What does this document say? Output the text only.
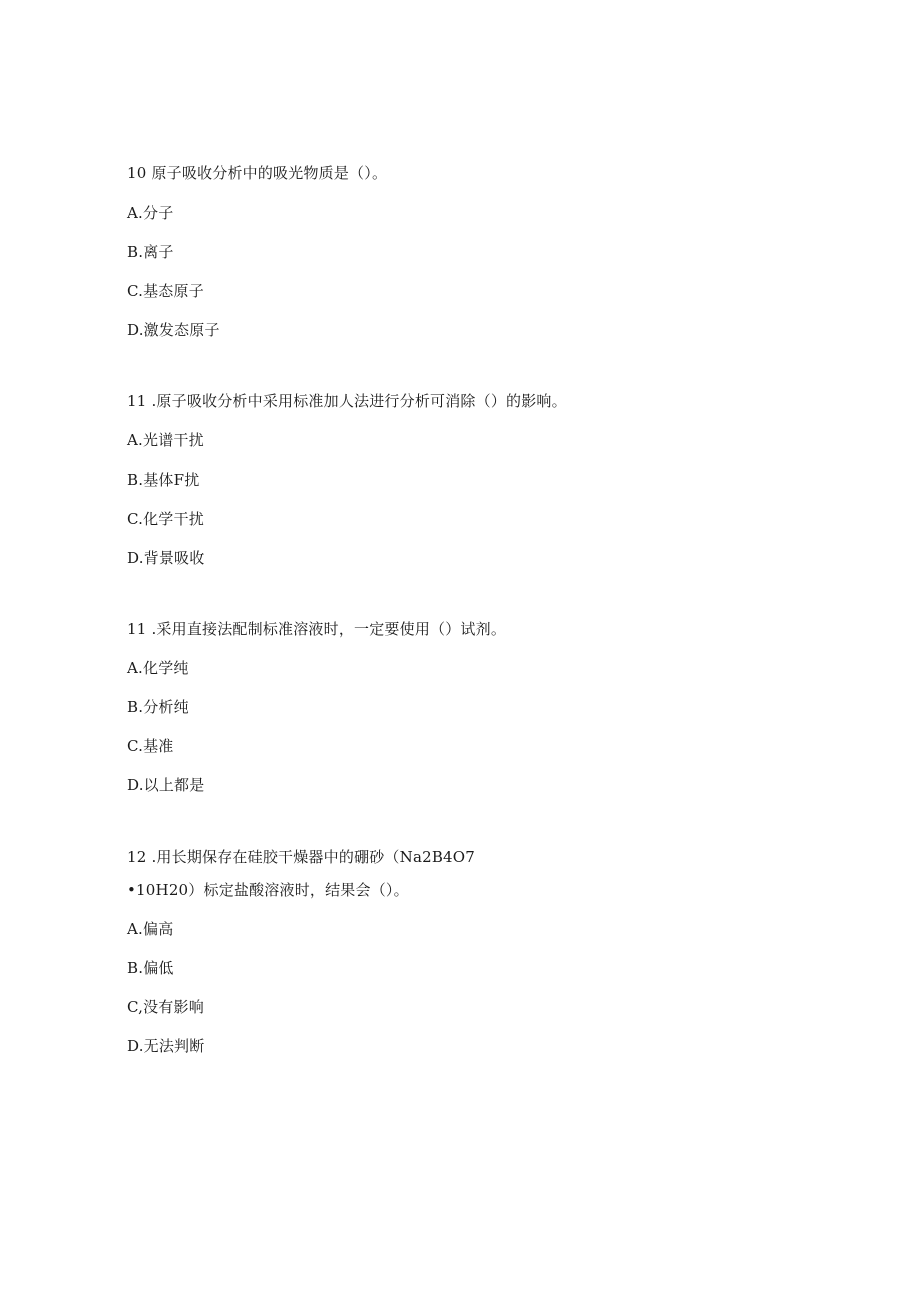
10 原子吸收分析中的吸光物质是（）。
A.分子
B.离子
C.基态原子
D.激发态原子
11 .原子吸收分析中采用标准加人法进行分析可消除（）的影响。
A.光谱干扰
B.基体F扰
C.化学干扰
D.背景吸收
11 .采用直接法配制标准溶液时，一定要使用（）试剂。
A.化学纯
B.分析纯
C.基准
D.以上都是
12 .用长期保存在硅胶干燥器中的硼砂（Na2B4O7
•10H20）标定盐酸溶液时，结果会（）。
A.偏高
B.偏低
C,没有影响
D.无法判断
